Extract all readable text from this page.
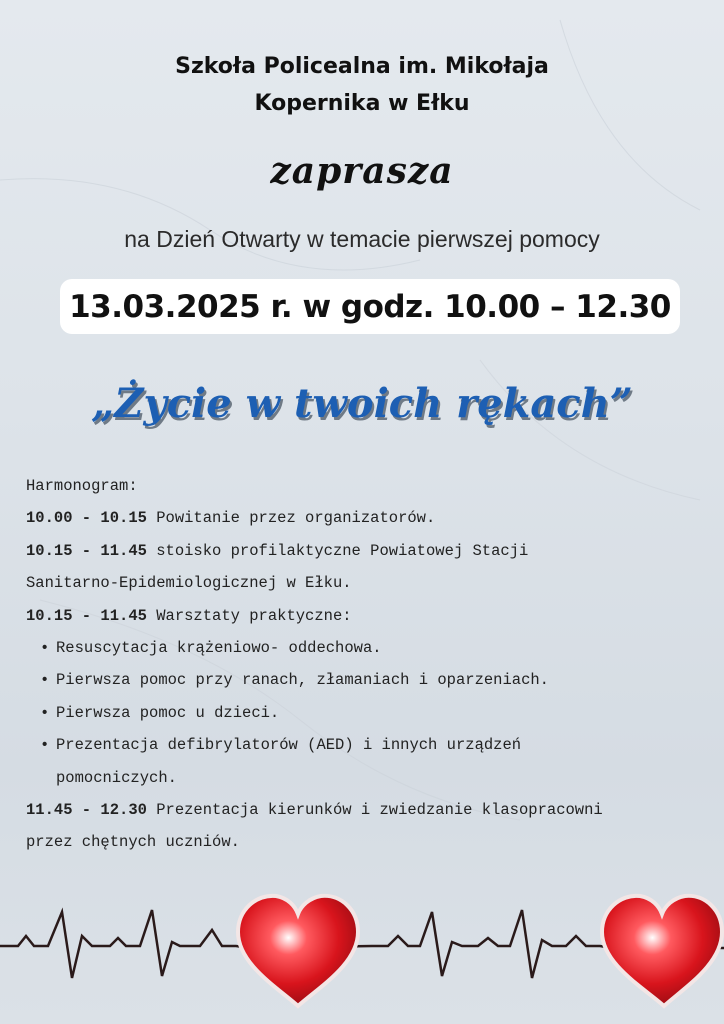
Szkoła Policealna im. Mikołaja
Kopernika w Ełku
zaprasza
na Dzień Otwarty w temacie pierwszej pomocy
13.03.2025 r. w godz. 10.00 – 12.30
„Życie w twoich rękach”
Harmonogram:
10.00 - 10.15 Powitanie przez organizatorów.
10.15 - 11.45 stoisko profilaktyczne Powiatowej Stacji
Sanitarno-Epidemiologicznej w Ełku.
10.15 - 11.45 Warsztaty praktyczne:
• Resuscytacja krążeniowo- oddechowa.
• Pierwsza pomoc przy ranach, złamaniach i oparzeniach.
• Pierwsza pomoc u dzieci.
• Prezentacja defibrylatorów (AED) i innych urządzeń
pomocniczych.
11.45 - 12.30 Prezentacja kierunków i zwiedzanie klasopracowni
przez chętnych uczniów.
